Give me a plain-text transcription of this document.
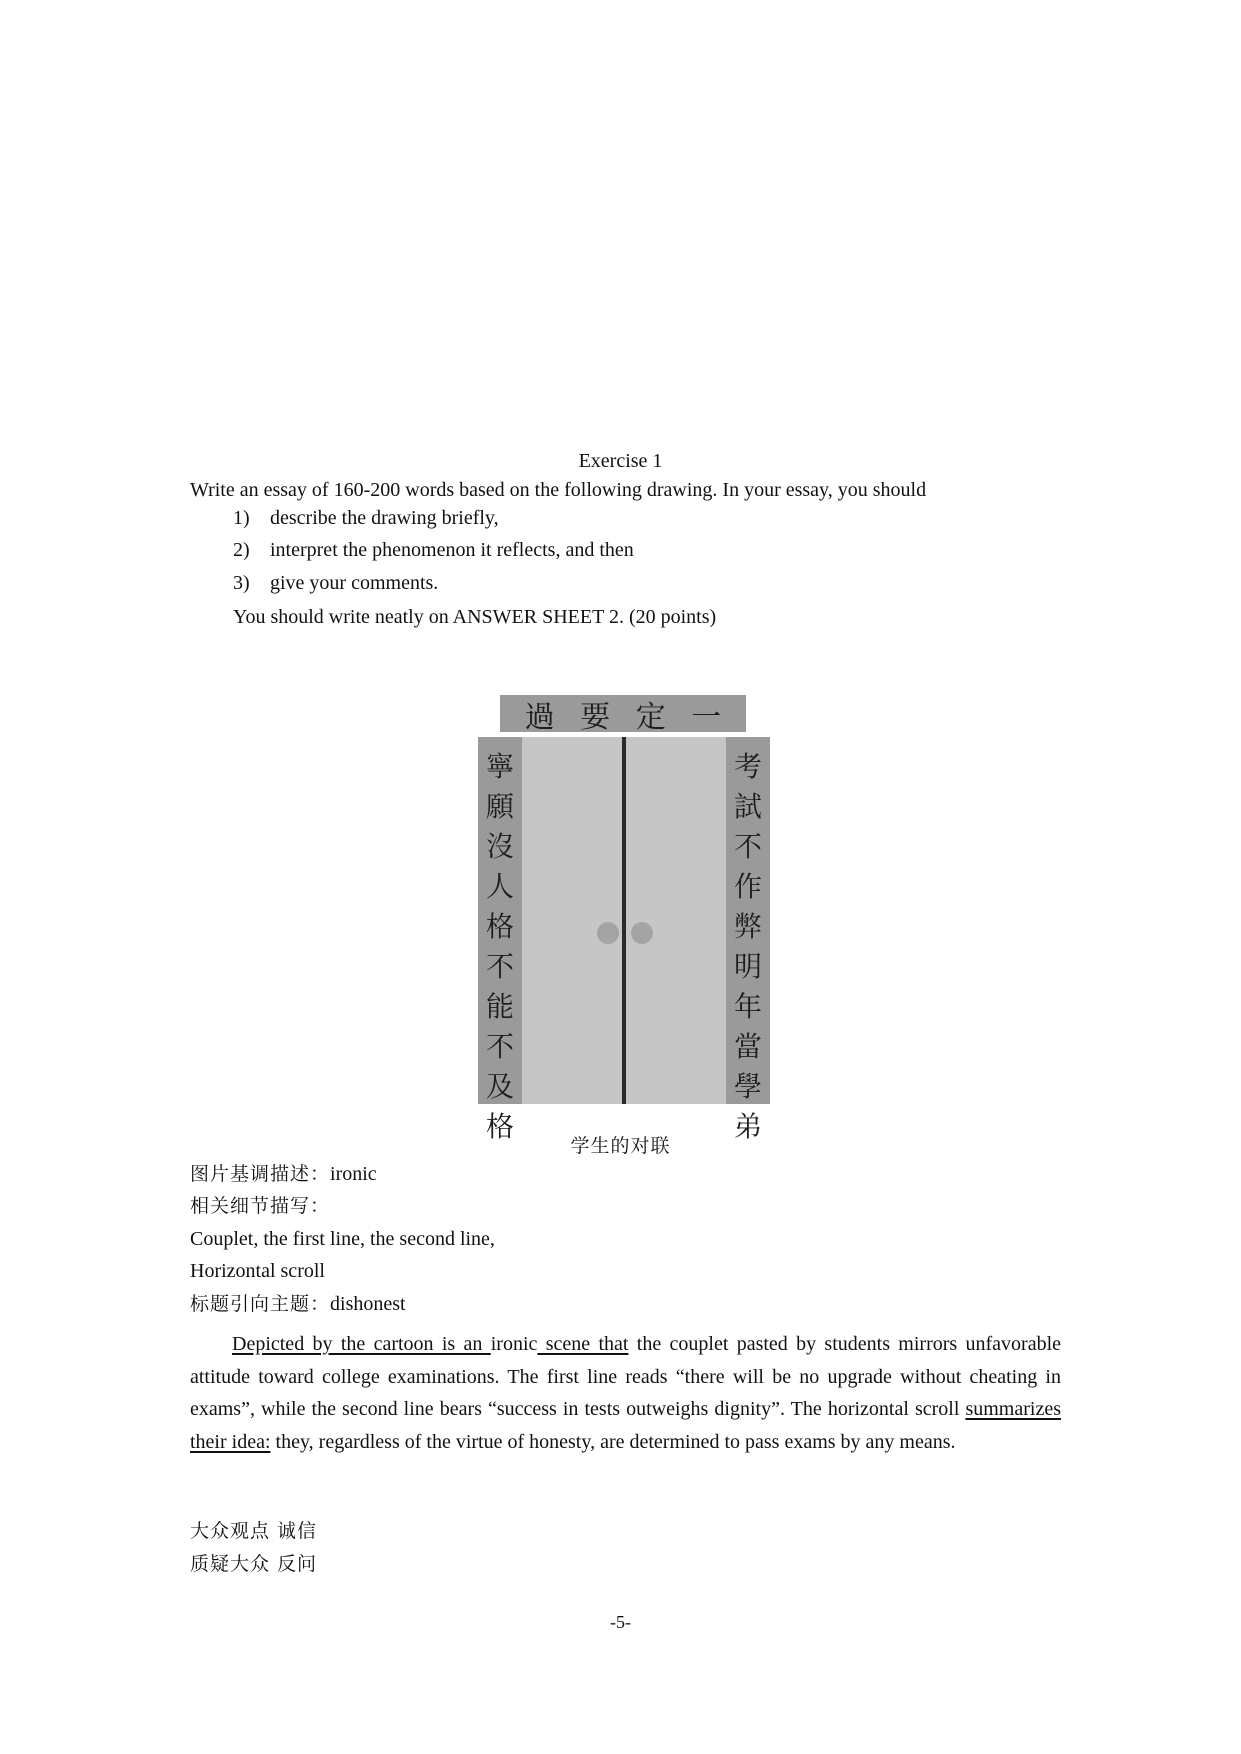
Exercise 1
Write an essay of 160-200 words based on the following drawing. In your essay, you should
1) describe the drawing briefly,
2) interpret the phenomenon it reflects, and then
3) give your comments.
You should write neatly on ANSWER SHEET 2. (20 points)
過 要 定 一
寧
願
沒
人
格
不
能
不
及
格
考
試
不
作
弊
明
年
當
學
弟
学生的对联
图片基调描述：ironic
相关细节描写：
Couplet, the first line, the second line,
Horizontal scroll
标题引向主题：dishonest
Depicted by the cartoon is an ironic scene that the couplet pasted by students mirrors unfavorable attitude toward college examinations. The first line reads “there will be no upgrade without cheating in exams”, while the second line bears “success in tests outweighs dignity”. The horizontal scroll summarizes their idea: they, regardless of the virtue of honesty, are determined to pass exams by any means.
大众观点 诚信
质疑大众 反问
-5-
